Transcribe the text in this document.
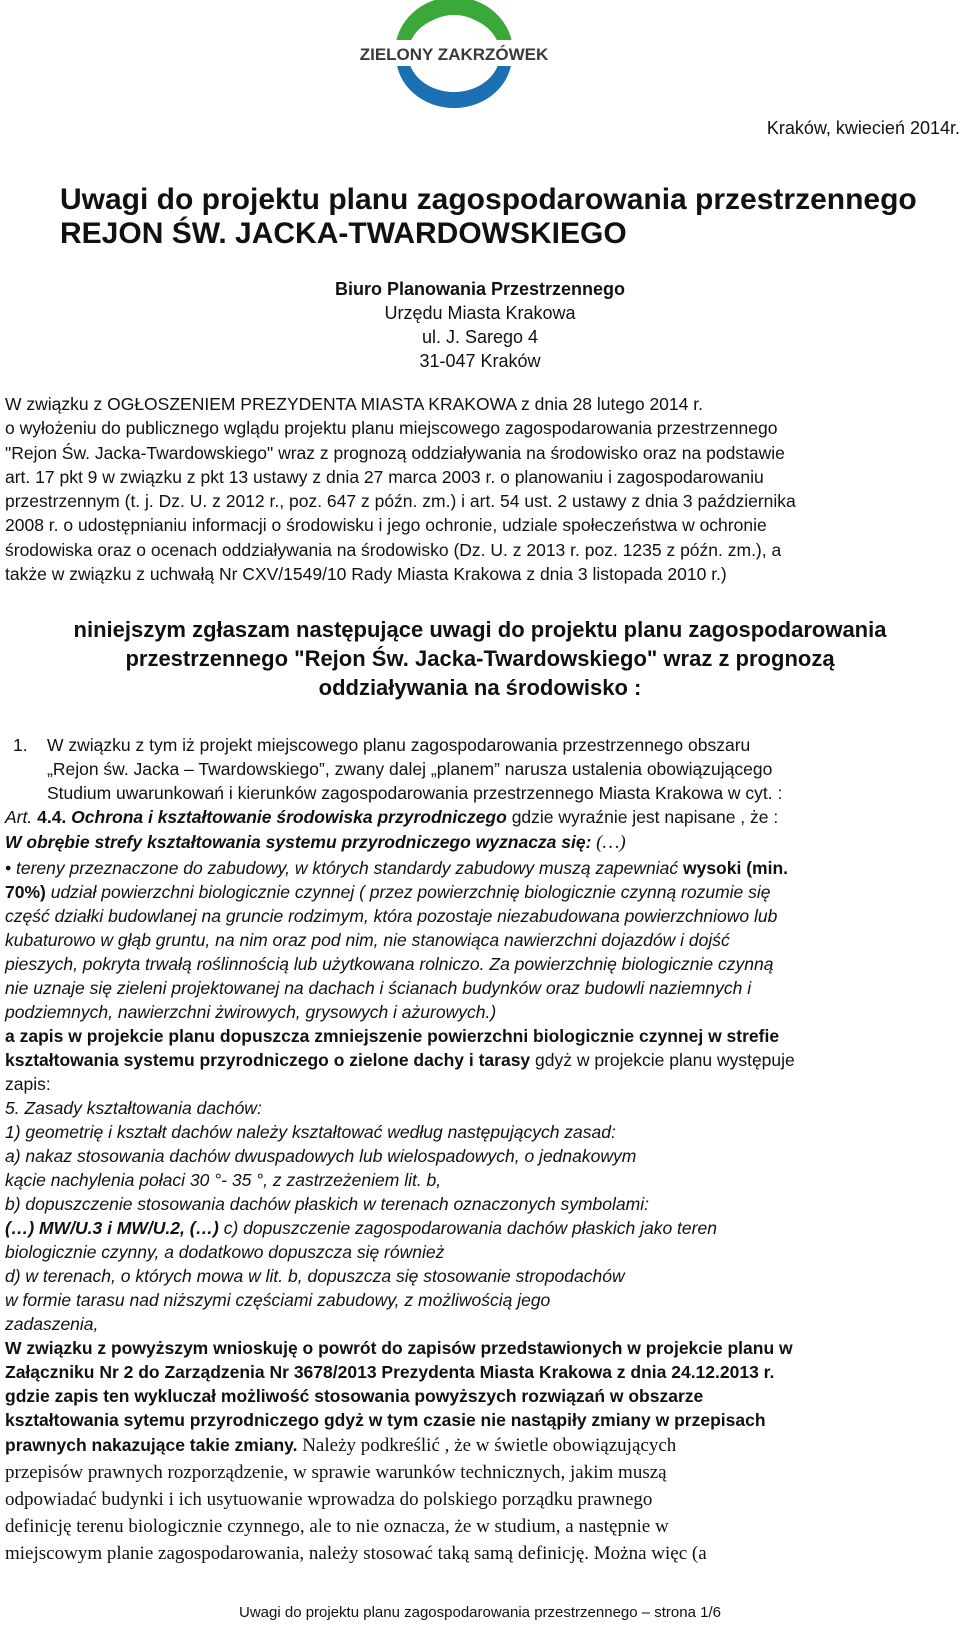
ZIELONY ZAKRZÓWEK
Kraków, kwiecień 2014r.
Uwagi do projektu planu zagospodarowania przestrzennego
REJON ŚW. JACKA-TWARDOWSKIEGO
Biuro Planowania Przestrzennego
Urzędu Miasta Krakowa
ul. J. Sarego 4
31-047 Kraków

W związku z OGŁOSZENIEM PREZYDENTA MIASTA KRAKOWA z dnia 28 lutego 2014 r.

o wyłożeniu do publicznego wglądu projektu planu miejscowego zagospodarowania przestrzennego

"Rejon Św. Jacka-Twardowskiego" wraz z prognozą oddziaływania na środowisko oraz na podstawie

art. 17 pkt 9 w związku z pkt 13 ustawy z dnia 27 marca 2003 r. o planowaniu i zagospodarowaniu

przestrzennym (t. j. Dz. U. z 2012 r., poz. 647 z późn. zm.) i art. 54 ust. 2 ustawy z dnia 3 października

2008 r. o udostępnianiu informacji o środowisku i jego ochronie, udziale społeczeństwa w ochronie

środowiska oraz o ocenach oddziaływania na środowisko (Dz. U. z 2013 r. poz. 1235 z późn. zm.), a

także w związku z uchwałą Nr CXV/1549/10 Rady Miasta Krakowa z dnia 3 listopada 2010 r.)

niniejszym zgłaszam następujące uwagi do projektu planu zagospodarowania

przestrzennego "Rejon Św. Jacka-Twardowskiego" wraz z prognozą

oddziaływania na środowisko :

1. W związku z tym iż projekt miejscowego planu zagospodarowania przestrzennego obszaru

„Rejon św. Jacka – Twardowskiego”, zwany dalej „planem” narusza ustalenia obowiązującego

Studium uwarunkowań i kierunków zagospodarowania przestrzennego Miasta Krakowa w cyt. :

Art. 4.4. Ochrona i kształtowanie środowiska przyrodniczego gdzie wyraźnie jest napisane , że :

W obrębie strefy kształtowania systemu przyrodniczego wyznacza się: (…)

• tereny przeznaczone do zabudowy, w których standardy zabudowy muszą zapewniać wysoki (min.

70%) udział powierzchni biologicznie czynnej ( przez powierzchnię biologicznie czynną rozumie się

część działki budowlanej na gruncie rodzimym, która pozostaje niezabudowana powierzchniowo lub

kubaturowo w głąb gruntu, na nim oraz pod nim, nie stanowiąca nawierzchni dojazdów i dojść

pieszych, pokryta trwałą roślinnością lub użytkowana rolniczo. Za powierzchnię biologicznie czynną

nie uznaje się zieleni projektowanej na dachach i ścianach budynków oraz budowli naziemnych i

podziemnych, nawierzchni żwirowych, grysowych i ażurowych.)

a zapis w projekcie planu dopuszcza zmniejszenie powierzchni biologicznie czynnej w strefie

kształtowania systemu przyrodniczego o zielone dachy i tarasy gdyż w projekcie planu występuje

zapis:

5. Zasady kształtowania dachów:

1) geometrię i kształt dachów należy kształtować według następujących zasad:

a) nakaz stosowania dachów dwuspadowych lub wielospadowych, o jednakowym

kącie nachylenia połaci 30 °- 35 °, z zastrzeżeniem lit. b,

b) dopuszczenie stosowania dachów płaskich w terenach oznaczonych symbolami:

(…) MW/U.3 i MW/U.2, (…) c) dopuszczenie zagospodarowania dachów płaskich jako teren

biologicznie czynny, a dodatkowo dopuszcza się również

d) w terenach, o których mowa w lit. b, dopuszcza się stosowanie stropodachów

w formie tarasu nad niższymi częściami zabudowy, z możliwością jego

zadaszenia,

W związku z powyższym wnioskuję o powrót do zapisów przedstawionych w projekcie planu w

Załączniku Nr 2 do Zarządzenia Nr 3678/2013 Prezydenta Miasta Krakowa z dnia 24.12.2013 r.

gdzie zapis ten wykluczał możliwość stosowania powyższych rozwiązań w obszarze

kształtowania sytemu przyrodniczego gdyż w tym czasie nie nastąpiły zmiany w przepisach

prawnych nakazujące takie zmiany. Należy podkreślić , że w świetle obowiązujących

przepisów prawnych rozporządzenie, w sprawie warunków technicznych, jakim muszą

odpowiadać budynki i ich usytuowanie wprowadza do polskiego porządku prawnego

definicję terenu biologicznie czynnego, ale to nie oznacza, że w studium, a następnie w

miejscowym planie zagospodarowania, należy stosować taką samą definicję. Można więc (a

Uwagi do projektu planu zagospodarowania przestrzennego – strona 1/6
